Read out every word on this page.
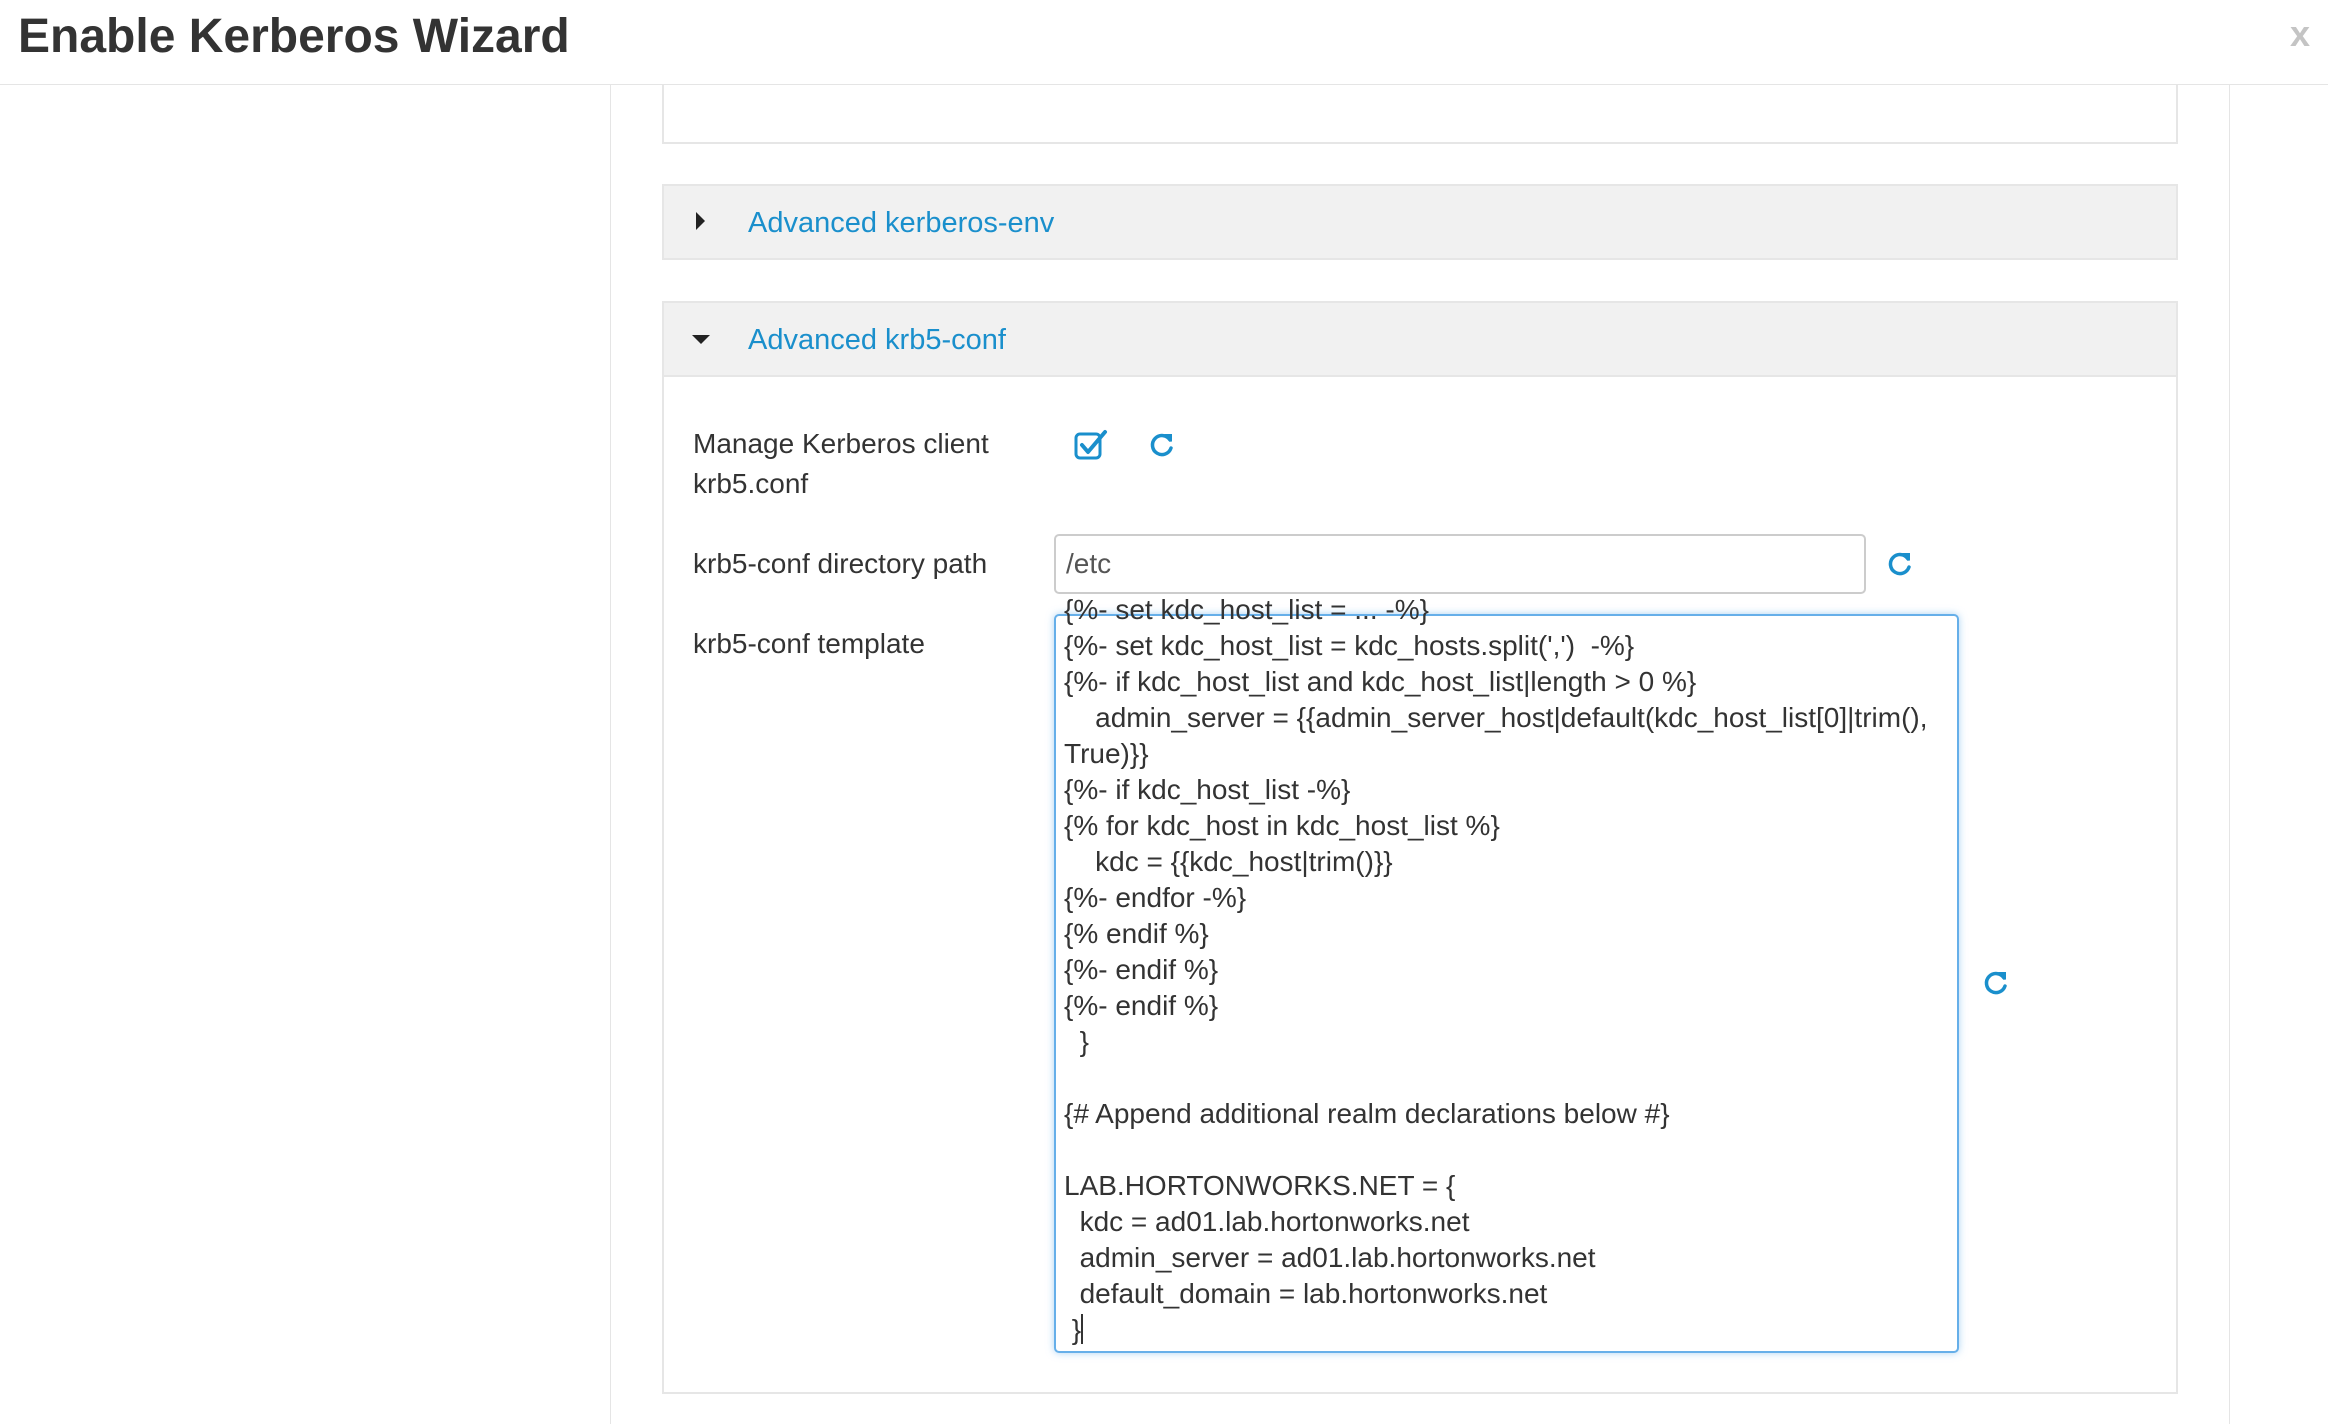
Enable Kerberos Wizard	x
Advanced kerberos-env
Advanced krb5-conf
Manage Kerberos client
krb5.conf
krb5-conf directory path
/etc
krb5-conf template
{%- set kdc_host_list = ... -%}
{%- set kdc_host_list = kdc_hosts.split(',')  -%}
{%- if kdc_host_list and kdc_host_list|length > 0 %}
admin_server = {{admin_server_host|default(kdc_host_list[0]|trim(),
True)}}
{%- if kdc_host_list -%}
{% for kdc_host in kdc_host_list %}
kdc = {{kdc_host|trim()}}
{%- endfor -%}
{% endif %}
{%- endif %}
{%- endif %}
}
{# Append additional realm declarations below #}
LAB.HORTONWORKS.NET = {
kdc = ad01.lab.hortonworks.net
admin_server = ad01.lab.hortonworks.net
default_domain = lab.hortonworks.net
}
